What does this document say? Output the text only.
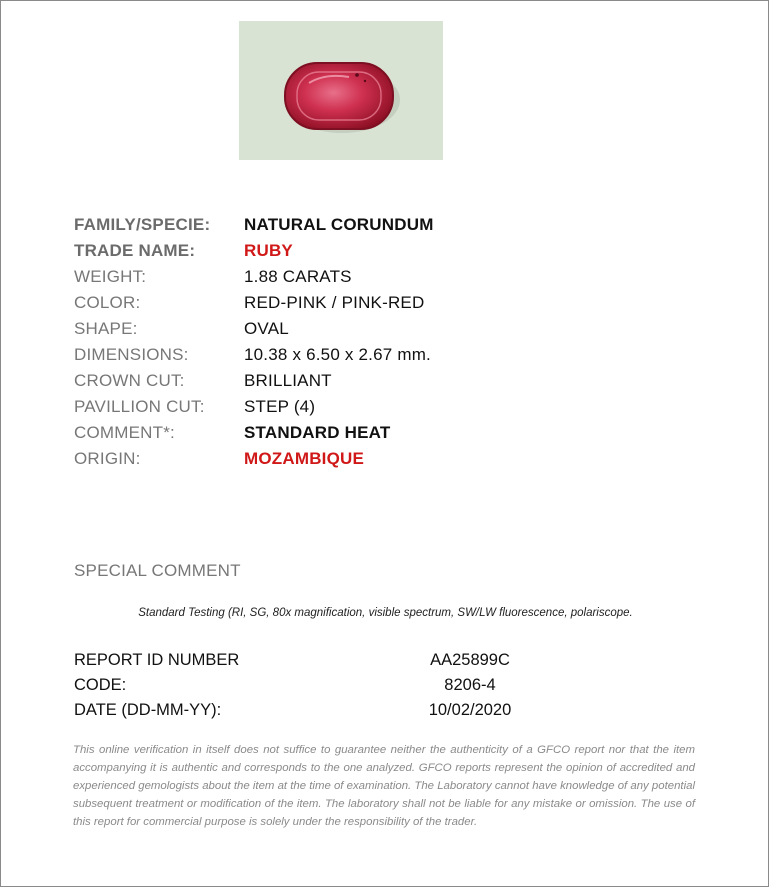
FAMILY/SPECIE: NATURAL CORUNDUM
TRADE NAME:	RUBY
WEIGHT:	1.88 CARATS
COLOR:	RED-PINK / PINK-RED
SHAPE:	OVAL
DIMENSIONS:	10.38 x 6.50 x 2.67 mm.
CROWN CUT:	BRILLIANT
PAVILLION CUT: STEP (4)
COMMENT*:	STANDARD HEAT
ORIGIN:	MOZAMBIQUE
SPECIAL COMMENT
Standard Testing (RI, SG, 80x magnification, visible spectrum, SW/LW fluorescence, polariscope.
REPORT ID NUMBER	AA25899C
CODE:	8206-4
DATE (DD-MM-YY):	10/02/2020
This online verification in itself does not suffice to guarantee neither the authenticity of a GFCO report nor that the item accompanying it is authentic and corresponds to the one analyzed. GFCO reports represent the opinion of accredited and experienced gemologists about the item at the time of examination. The Laboratory cannot have knowledge of any potential subsequent treatment or modification of the item. The laboratory shall not be liable for any mistake or omission. The use of this report for commercial purpose is solely under the responsibility of the trader.
